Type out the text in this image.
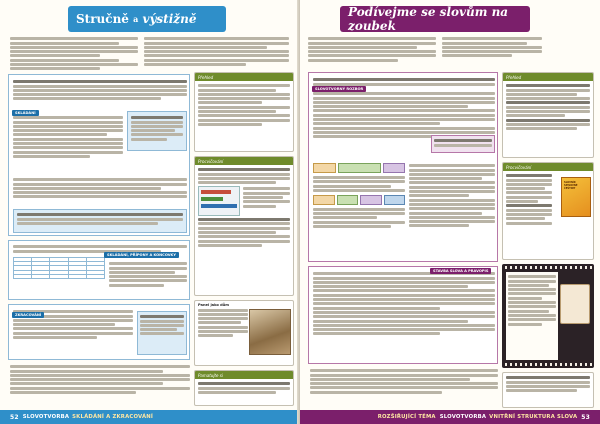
Stručně
a
výstižně
SKLÁDÁNÍ

SKLÁDÁNÍ, PŘÍPONY A KONCOVKY
ZKRACOVÁNÍ
Přehled
Procvičování
Panel jako dům
Pamatujte si
52 SLOVOTVORBA SKLÁDÁNÍ A ZKRACOVÁNÍ
Podívejme se slovům na zoubek
SLOVOTVORNÝ ROZBOR
STAVBA SLOVA A PRAVOPIS
Přehled
Procvičování
SLOVNÍK SPISOVNÉ ČEŠTINY
ROZŠIŘUJÍCÍ TÉMA SLOVOTVORBA VNITŘNÍ STRUKTURA SLOVA 53
